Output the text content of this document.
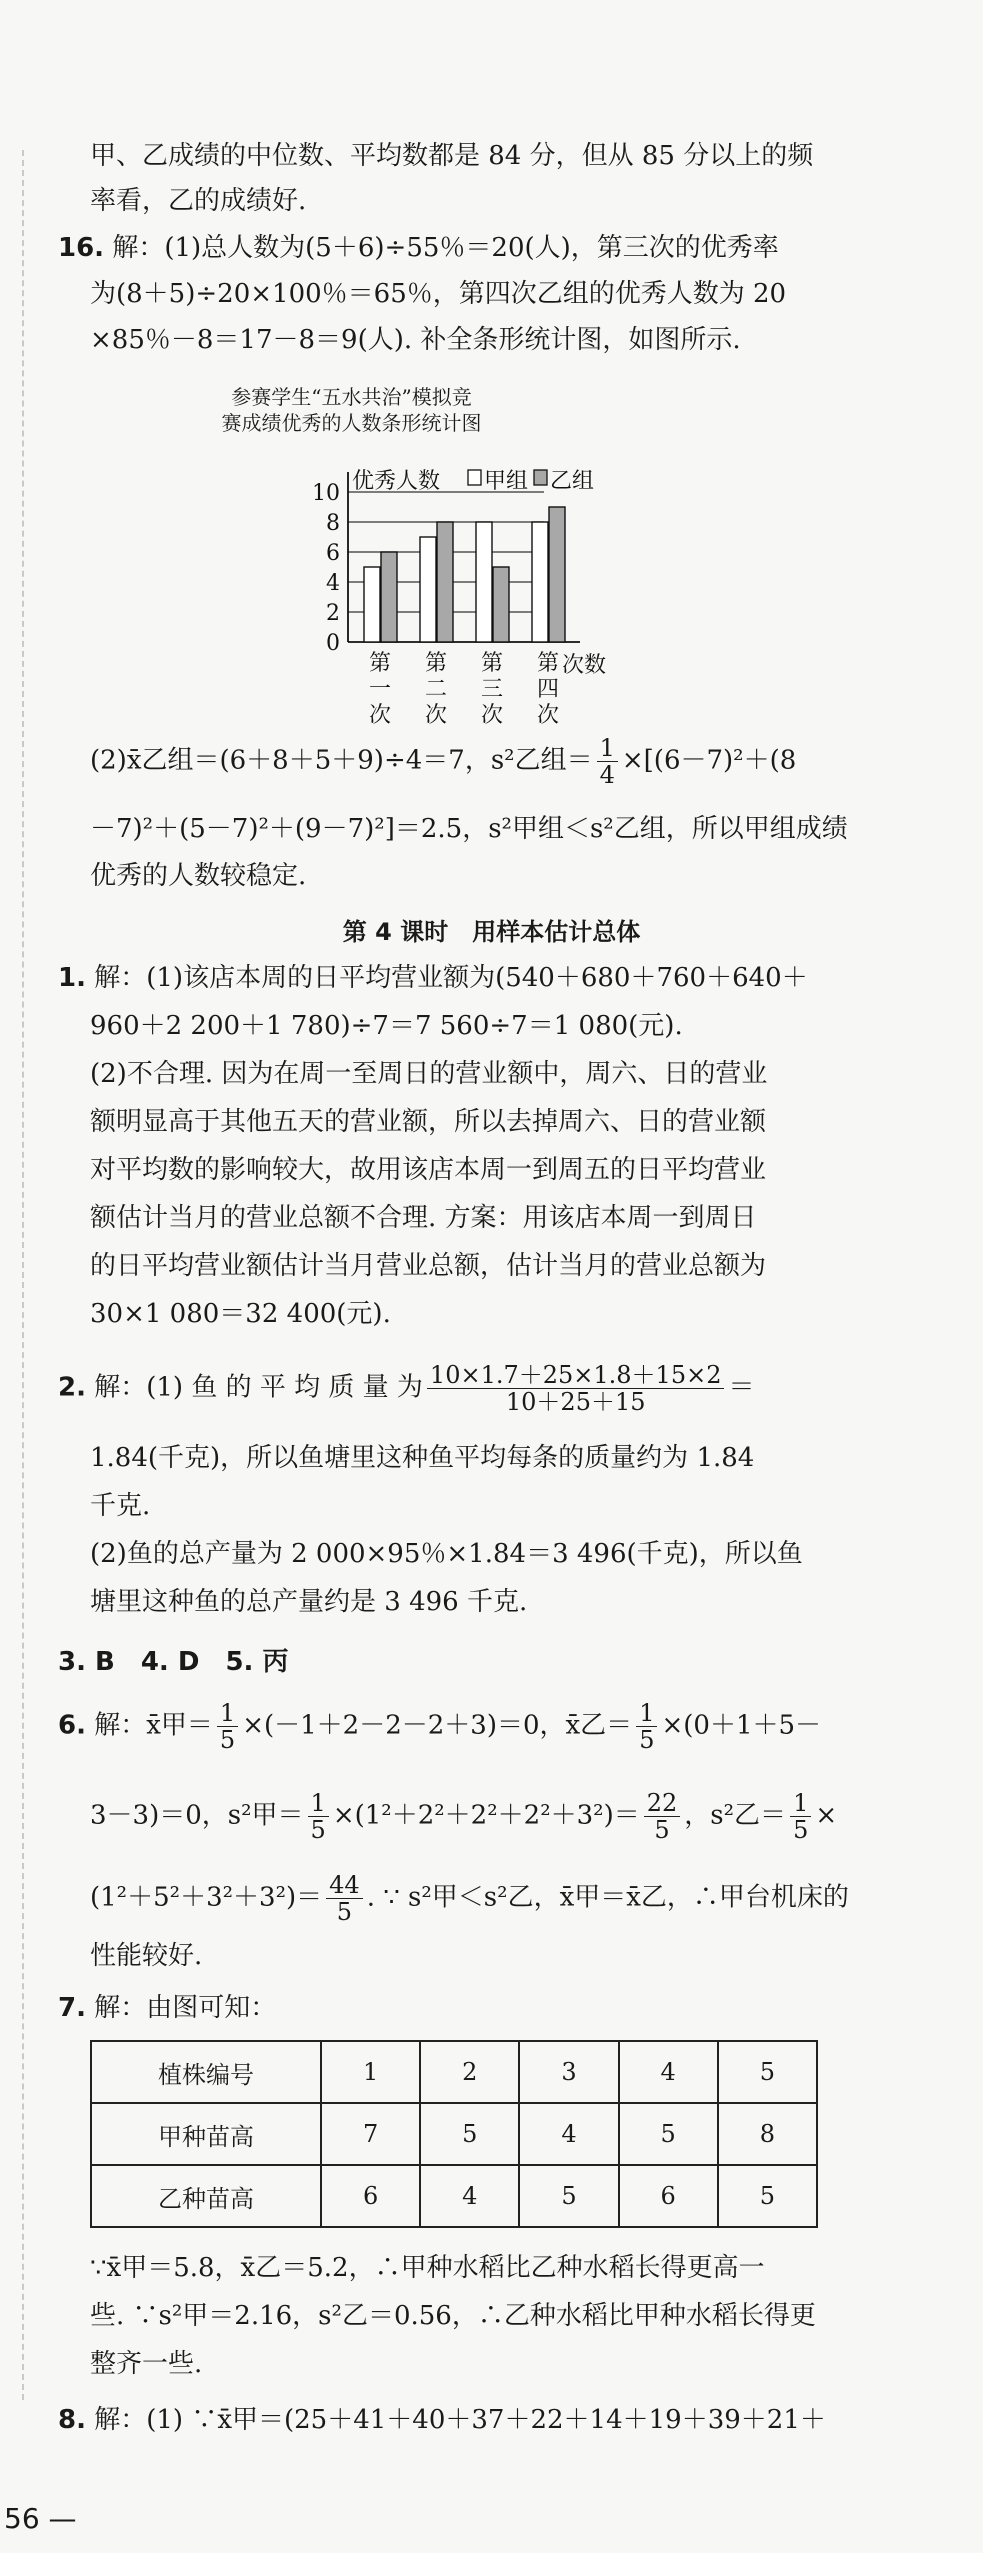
甲、乙成绩的中位数、平均数都是 84 分，但从 85 分以上的频
率看，乙的成绩好.
16. 解：(1)总人数为(5＋6)÷55％＝20(人)，第三次的优秀率
为(8＋5)÷20×100％＝65％，第四次乙组的优秀人数为 20
×85％－8＝17－8＝9(人). 补全条形统计图，如图所示.
参赛学生“五水共治”模拟竞
赛成绩优秀的人数条形统计图
0
2
4
6
8
10 优秀人数 甲组 乙组
次数
第
一
次
第
二
次
第
三
次
第
四
次
(2)x̄乙组＝(6＋8＋5＋9)÷4＝7，s²乙组＝ $\frac{1}{4} \times[(6-7)^2+(8$
－7)²＋(5－7)²＋(9－7)²]＝2.5，s²甲组＜s²乙组，所以甲组成绩
优秀的人数较稳定.
第 4 课时　用样本估计总体
1. 解：(1)该店本周的日平均营业额为(540＋680＋760＋640＋
960＋2 200＋1 780)÷7＝7 560÷7＝1 080(元).
(2)不合理. 因为在周一至周日的营业额中，周六、日的营业
额明显高于其他五天的营业额，所以去掉周六、日的营业额
对平均数的影响较大，故用该店本周一到周五的日平均营业
额估计当月的营业总额不合理. 方案：用该店本周一到周日
的日平均营业额估计当月营业总额，估计当月的营业总额为
30×1 080＝32 400(元).
2. 解：(1) 鱼 的 平 均 质 量 为 $\frac{10\times 1.7+25\times 1.8+15\times 2}{10+25+15}$ ＝
1.84(千克)，所以鱼塘里这种鱼平均每条的质量约为 1.84
千克.
(2)鱼的总产量为 2 000×95％×1.84＝3 496(千克)，所以鱼
塘里这种鱼的总产量约是 3 496 千克.
3. B　4. D　5. 丙
6. 解：x̄甲＝ $\frac{1}{5} \times(-1+2-2-2+3)=0$，x̄乙＝ $\frac{1}{5} \times(0+1+5-$
3－3)＝0，s²甲＝ $\frac{1}{5} \times(1^2+2^2+2^2+2^2+3^2)= \frac{22}{5}$ ，s²乙＝ $\frac{1}{5}$ ×
$(1^2+5^2+3^2+3^2)= \frac{44}{5}$ . ∵ s²甲＜s²乙，x̄甲＝x̄乙，∴甲台机床的
性能较好.
7. 解：由图可知：
植株编号	1	2	3	4	5
甲种苗高	7	5	4	5	8
乙种苗高	6	4	5	6	5
∵x̄甲＝5.8，x̄乙＝5.2，∴甲种水稻比乙种水稻长得更高一
些. ∵s²甲＝2.16，s²乙＝0.56，∴乙种水稻比甲种水稻长得更
整齐一些.
8. 解：(1) ∵x̄甲＝(25＋41＋40＋37＋22＋14＋19＋39＋21＋
56 —
